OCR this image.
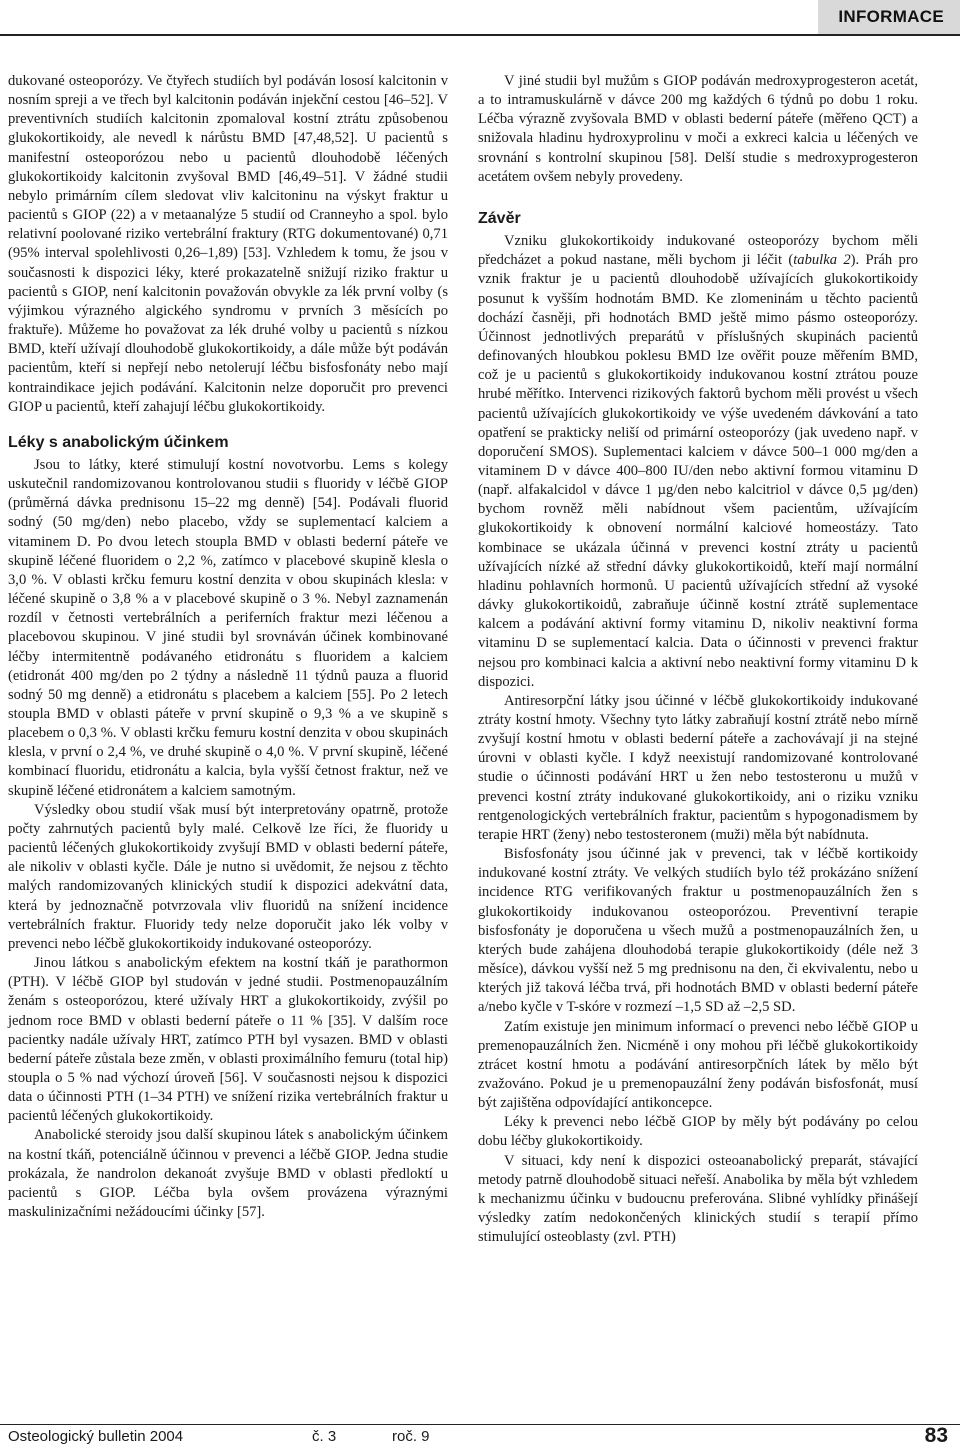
INFORMACE

dukované osteoporózy. Ve čtyřech studiích byl podáván lososí kalcitonin v nosním spreji a ve třech byl kalcitonin podáván injekční cestou [46–52]. V preventivních studiích kalcitonin zpomaloval kostní ztrátu způsobenou glukokortikoidy, ale nevedl k nárůstu BMD [47,48,52]. U pacientů s manifestní osteoporózou nebo u pacientů dlouhodobě léčených glukokortikoidy kalcitonin zvyšoval BMD [46,49–51]. V žádné studii nebylo primárním cílem sledovat vliv kalcitoninu na výskyt fraktur u pacientů s GIOP (22) a v metaanalýze 5 studií od Cranneyho a spol. bylo relativní poolované riziko vertebrální fraktury (RTG dokumentované) 0,71 (95% interval spolehlivosti 0,26–1,89) [53]. Vzhledem k tomu, že jsou v současnosti k dispozici léky, které prokazatelně snižují riziko fraktur u pacientů s GIOP, není kalcitonin považován obvykle za lék první volby (s výjimkou výrazného algického syndromu v prvních 3 měsících po fraktuře). Můžeme ho považovat za lék druhé volby u pacientů s nízkou BMD, kteří užívají dlouhodobě glukokortikoidy, a dále může být podáván pacientům, kteří si nepřejí nebo netolerují léčbu bisfosfonáty nebo mají kontraindikace jejich podávání. Kalcitonin nelze doporučit pro prevenci GIOP u pacientů, kteří zahajují léčbu glukokortikoidy.

Léky s anabolickým účinkem

Jsou to látky, které stimulují kostní novotvorbu. Lems s kolegy uskutečnil randomizovanou kontrolovanou studii s fluoridy v léčbě GIOP (průměrná dávka prednisonu 15–22 mg denně) [54]. Podávali fluorid sodný (50 mg/den) nebo placebo, vždy se suplementací kalciem a vitaminem D. Po dvou letech stoupla BMD v oblasti bederní páteře ve skupině léčené fluoridem o 2,2 %, zatímco v placebové skupině klesla o 3,0 %. V oblasti krčku femuru kostní denzita v obou skupinách klesla: v léčené skupině o 3,8 % a v placebové skupině o 3 %. Nebyl zaznamenán rozdíl v četnosti vertebrálních a periferních fraktur mezi léčenou a placebovou skupinou. V jiné studii byl srovnáván účinek kombinované léčby intermitentně podávaného etidronátu s fluoridem a kalciem (etidronát 400 mg/den po 2 týdny a následně 11 týdnů pauza a fluorid sodný 50 mg denně) a etidronátu s placebem a kalciem [55]. Po 2 letech stoupla BMD v oblasti páteře v první skupině o 9,3 % a ve skupině s placebem o 0,3 %. V oblasti krčku femuru kostní denzita v obou skupinách klesla, v první o 2,4 %, ve druhé skupině o 4,0 %. V první skupině, léčené kombinací fluoridu, etidronátu a kalcia, byla vyšší četnost fraktur, než ve skupině léčené etidronátem a kalciem samotným.

Výsledky obou studií však musí být interpretovány opatrně, protože počty zahrnutých pacientů byly malé. Celkově lze říci, že fluoridy u pacientů léčených glukokortikoidy zvyšují BMD v oblasti bederní páteře, ale nikoliv v oblasti kyčle. Dále je nutno si uvědomit, že nejsou z těchto malých randomizovaných klinických studií k dispozici adekvátní data, která by jednoznačně potvrzovala vliv fluoridů na snížení incidence vertebrálních fraktur. Fluoridy tedy nelze doporučit jako lék volby v prevenci nebo léčbě glukokortikoidy indukované osteoporózy.

Jinou látkou s anabolickým efektem na kostní tkáň je parathormon (PTH). V léčbě GIOP byl studován v jedné studii. Postmenopauzálním ženám s osteoporózou, které užívaly HRT a glukokortikoidy, zvýšil po jednom roce BMD v oblasti bederní páteře o 11 % [35]. V dalším roce pacientky nadále užívaly HRT, zatímco PTH byl vysazen. BMD v oblasti bederní páteře zůstala beze změn, v oblasti proximálního femuru (total hip) stoupla o 5 % nad výchozí úroveň [56]. V současnosti nejsou k dispozici data o účinnosti PTH (1–34 PTH) ve snížení rizika vertebrálních fraktur u pacientů léčených glukokortikoidy.

Anabolické steroidy jsou další skupinou látek s anabolickým účinkem na kostní tkáň, potenciálně účinnou v prevenci a léčbě GIOP. Jedna studie prokázala, že nandrolon dekanoát zvyšuje BMD v oblasti předloktí u pacientů s GIOP. Léčba byla ovšem provázena výraznými maskulinizačními nežádoucími účinky [57].

V jiné studii byl mužům s GIOP podáván medroxyprogesteron acetát, a to intramuskulárně v dávce 200 mg každých 6 týdnů po dobu 1 roku. Léčba výrazně zvyšovala BMD v oblasti bederní páteře (měřeno QCT) a snižovala hladinu hydroxyprolinu v moči a exkreci kalcia u léčených ve srovnání s kontrolní skupinou [58]. Delší studie s medroxyprogesteron acetátem ovšem nebyly provedeny.

Závěr

Vzniku glukokortikoidy indukované osteoporózy bychom měli předcházet a pokud nastane, měli bychom ji léčit (tabulka 2). Práh pro vznik fraktur je u pacientů dlouhodobě užívajících glukokortikoidy posunut k vyšším hodnotám BMD. Ke zlomeninám u těchto pacientů dochází časněji, při hodnotách BMD ještě mimo pásmo osteoporózy. Účinnost jednotlivých preparátů v příslušných skupinách pacientů definovaných hloubkou poklesu BMD lze ověřit pouze měřením BMD, což je u pacientů s glukokortikoidy indukovanou kostní ztrátou pouze hrubé měřítko. Intervenci rizikových faktorů bychom měli provést u všech pacientů užívajících glukokortikoidy ve výše uvedeném dávkování a tato opatření se prakticky neliší od primární osteoporózy (jak uvedeno např. v doporučení SMOS). Suplementaci kalciem v dávce 500–1 000 mg/den a vitaminem D v dávce 400–800 IU/den nebo aktivní formou vitaminu D (např. alfakalcidol v dávce 1 µg/den nebo kalcitriol v dávce 0,5 µg/den) bychom rovněž měli nabídnout všem pacientům, užívajícím glukokortikoidy k obnovení normální kalciové homeostázy. Tato kombinace se ukázala účinná v prevenci kostní ztráty u pacientů užívajících nízké až střední dávky glukokortikoidů, kteří mají normální hladinu pohlavních hormonů. U pacientů užívajících střední až vysoké dávky glukokortikoidů, zabraňuje účinně kostní ztrátě suplementace kalcem a podávání aktivní formy vitaminu D, nikoliv neaktivní forma vitaminu D se suplementací kalcia. Data o účinnosti v prevenci fraktur nejsou pro kombinaci kalcia a aktivní nebo neaktivní formy vitaminu D k dispozici.

Antiresorpční látky jsou účinné v léčbě glukokortikoidy indukované ztráty kostní hmoty. Všechny tyto látky zabraňují kostní ztrátě nebo mírně zvyšují kostní hmotu v oblasti bederní páteře a zachovávají ji na stejné úrovni v oblasti kyčle. I když neexistují randomizované kontrolované studie o účinnosti podávání HRT u žen nebo testosteronu u mužů v prevenci kostní ztráty indukované glukokortikoidy, ani o riziku vzniku rentgenologických vertebrálních fraktur, pacientům s hypogonadismem by terapie HRT (ženy) nebo testosteronem (muži) měla být nabídnuta.

Bisfosfonáty jsou účinné jak v prevenci, tak v léčbě kortikoidy indukované kostní ztráty. Ve velkých studiích bylo též prokázáno snížení incidence RTG verifikovaných fraktur u postmenopauzálních žen s glukokortikoidy indukovanou osteoporózou. Preventivní terapie bisfosfonáty je doporučena u všech mužů a postmenopauzálních žen, u kterých bude zahájena dlouhodobá terapie glukokortikoidy (déle než 3 měsíce), dávkou vyšší než 5 mg prednisonu na den, či ekvivalentu, nebo u kterých již taková léčba trvá, při hodnotách BMD v oblasti bederní páteře a/nebo kyčle v T-skóre v rozmezí –1,5 SD až –2,5 SD.

Zatím existuje jen minimum informací o prevenci nebo léčbě GIOP u premenopauzálních žen. Nicméně i ony mohou při léčbě glukokortikoidy ztrácet kostní hmotu a podávání antiresorpčních látek by mělo být zvažováno. Pokud je u premenopauzální ženy podáván bisfosfonát, musí být zajištěna odpovídající antikoncepce.

Léky k prevenci nebo léčbě GIOP by měly být podávány po celou dobu léčby glukokortikoidy.

V situaci, kdy není k dispozici osteoanabolický preparát, stávající metody patrně dlouhodobě situaci neřeší. Anabolika by měla být vzhledem k mechanizmu účinku v budoucnu preferována. Slibné vyhlídky přinášejí výsledky zatím nedokončených klinických studií s terapií přímo stimulující osteoblasty (zvl. PTH)

Osteologický bulletin 2004	č. 3	roč. 9	83
